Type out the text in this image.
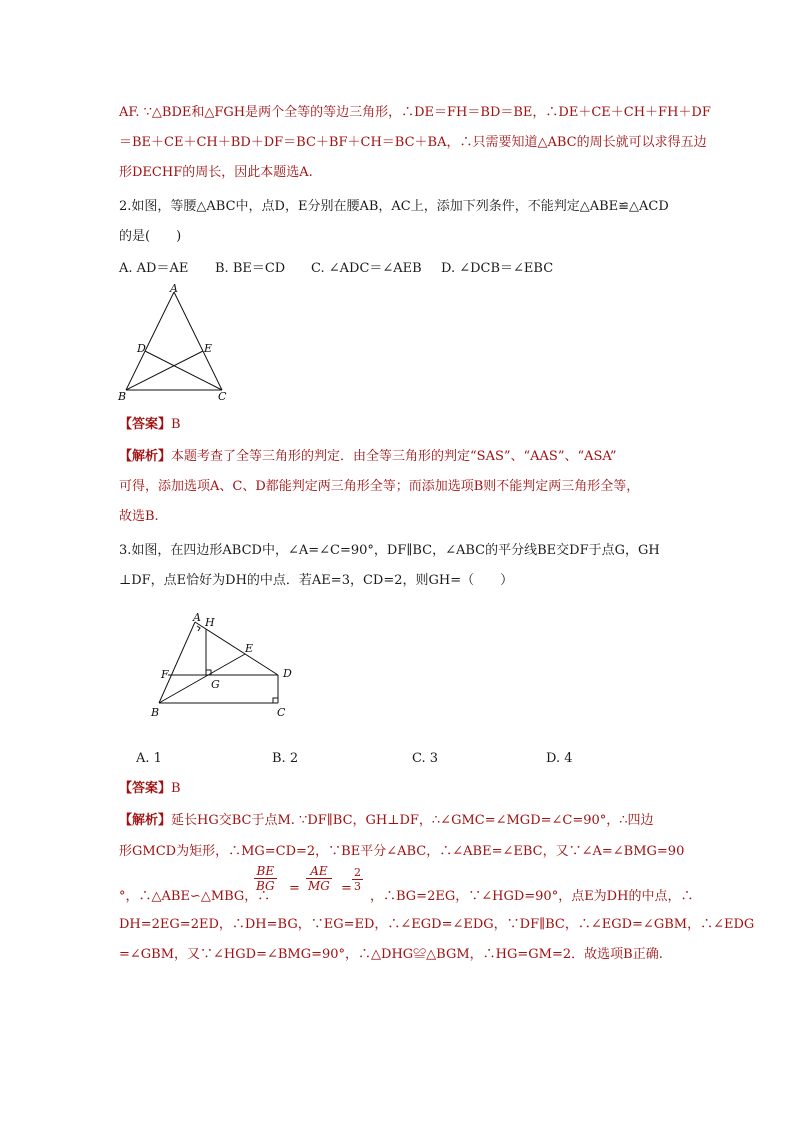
AF. ∵△BDE和△FGH是两个全等的等边三角形，∴DE＝FH＝BD＝BE，∴DE＋CE＋CH＋FH＋DF
＝BE＋CE＋CH＋BD＋DF＝BC＋BF＋CH＝BC＋BA，∴只需要知道△ABC的周长就可以求得五边
形DECHF的周长，因此本题选A.
2.如图，等腰△ABC中，点D，E分别在腰AB，AC上，添加下列条件，不能判定△ABE≌△ACD
的是(　　)
A. AD＝AE B. BE＝CD C. ∠ADC＝∠AEB D. ∠DCB＝∠EBC
A
D	E
B	C
【答案】B
【解析】本题考查了全等三角形的判定．由全等三角形的判定“SAS”、“AAS”、“ASA”
可得，添加选项A、C、D都能判定两三角形全等；而添加选项B则不能判定两三角形全等，
故选B.
3.如图，在四边形ABCD中，∠A=∠C=90°，DF∥BC，∠ABC的平分线BE交DF于点G，GH
⊥DF，点E恰好为DH的中点．若AE=3，CD=2，则GH=（　　）
A H
E
F
G
D
B	C
A. 1	B. 2	C. 3	D. 4
【答案】B
【解析】延长HG交BC于点M. ∵DF∥BC，GH⊥DF，∴∠GMC=∠MGD=∠C=90°，∴四边
形GMCD为矩形，∴MG=CD=2，∵BE平分∠ABC，∴∠ABE=∠EBC，又∵∠A=∠BMG=90
$\frac{BE}{BG} = \frac{AE}{MG} = \frac{2}{3}$
°，∴△ABE∽△MBG，∴	，∴BG=2EG，∵∠HGD=90°，点E为DH的中点，∴
DH=2EG=2ED，∴DH=BG，∵EG=ED，∴∠EGD=∠EDG，∵DF∥BC，∴∠EGD=∠GBM，∴∠EDG
=∠GBM，又∵∠HGD=∠BMG=90°，∴△DHG≌△BGM，∴HG=GM=2．故选项B正确.
